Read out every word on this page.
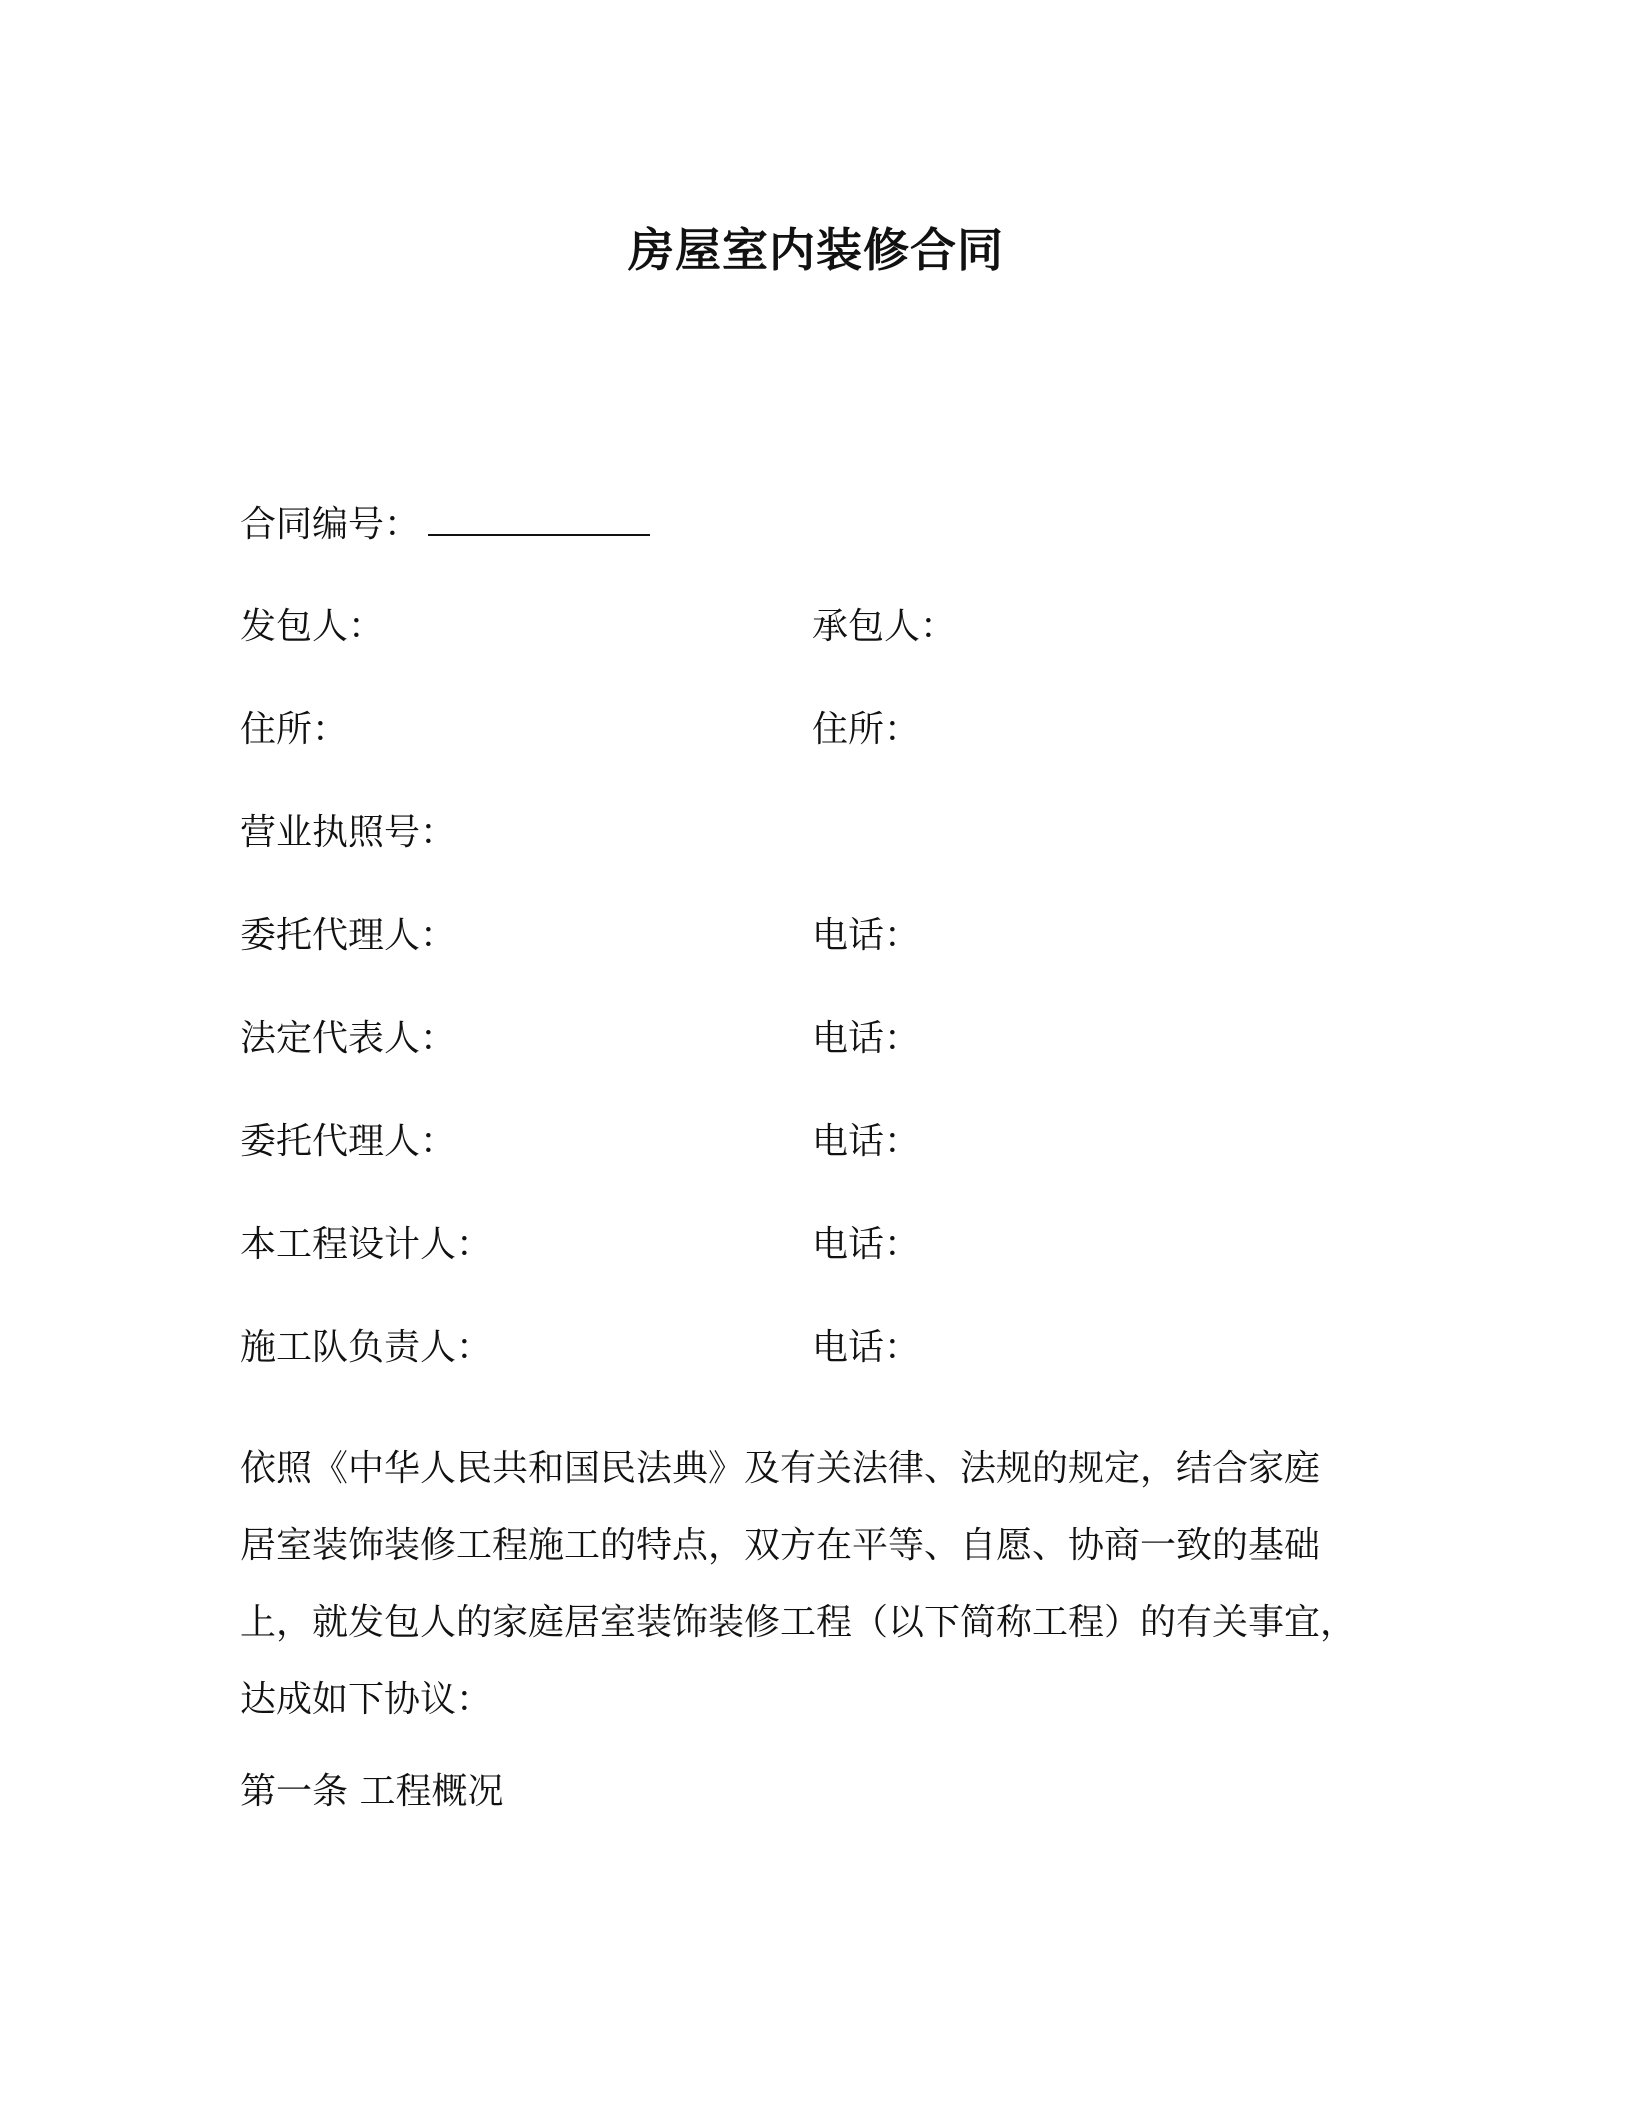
房屋室内装修合同
合同编号：
发包人：	承包人：
住所：	住所：
营业执照号：
委托代理人：	电话：
法定代表人：	电话：
委托代理人：	电话：
本工程设计人：	电话：
施工队负责人：	电话：
依照《中华人民共和国民法典》及有关法律、法规的规定，结合家庭
居室装饰装修工程施工的特点，双方在平等、自愿、协商一致的基础
上，就发包人的家庭居室装饰装修工程（以下简称工程）的有关事宜，
达成如下协议：
第一条 工程概况
